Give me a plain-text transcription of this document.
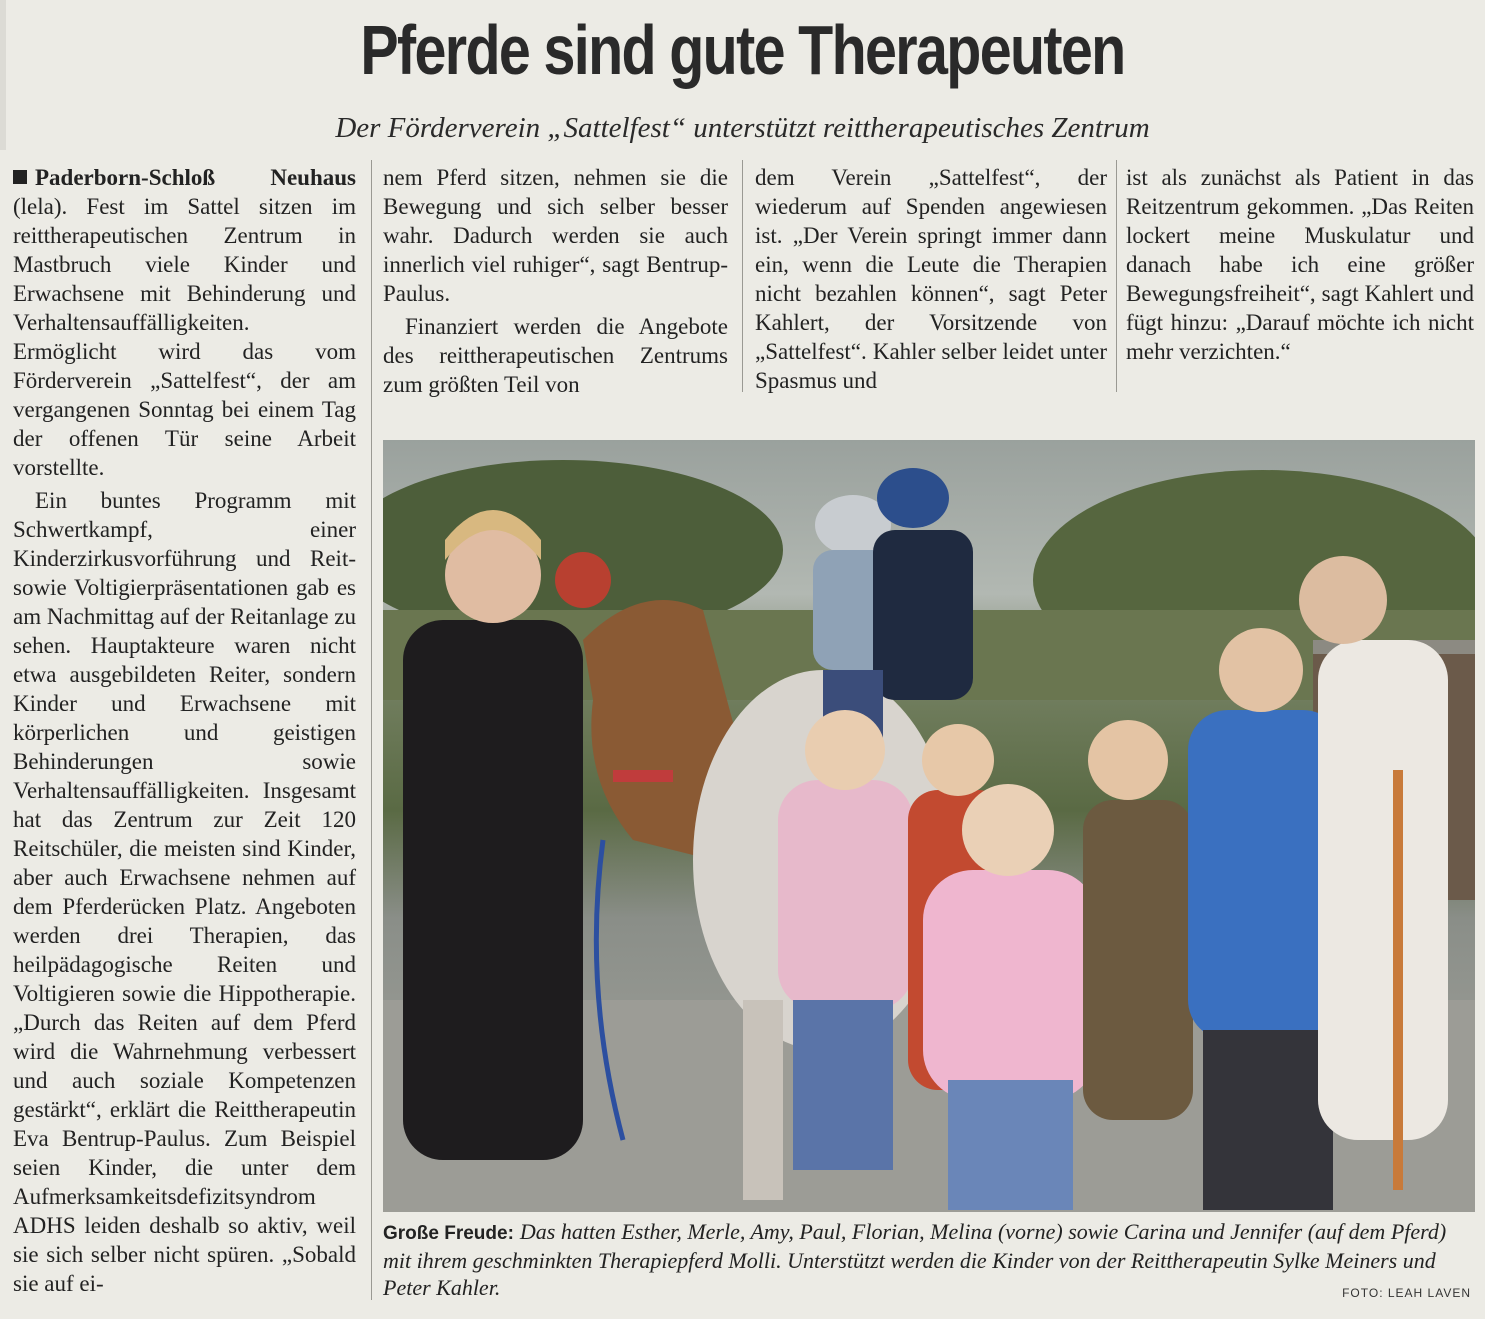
Pferde sind gute Therapeuten
Der Förderverein „Sattelfest“ unterstützt reittherapeutisches Zentrum

Paderborn-Schloß Neuhaus (lela). Fest im Sattel sitzen im reittherapeutischen Zentrum in Mastbruch viele Kinder und Erwachsene mit Behinderung und Verhaltensauffälligkeiten. Ermöglicht wird das vom Förderverein „Sattelfest“, der am vergangenen Sonntag bei einem Tag der offenen Tür seine Arbeit vorstellte.

Ein buntes Programm mit Schwertkampf, einer Kinderzirkusvorführung und Reit- sowie Voltigierpräsentationen gab es am Nachmittag auf der Reitanlage zu sehen. Hauptakteure waren nicht etwa ausgebildeten Reiter, sondern Kinder und Erwachsene mit körperlichen und geistigen Behinderungen sowie Verhaltensauffälligkeiten. Insgesamt hat das Zentrum zur Zeit 120 Reitschüler, die meisten sind Kinder, aber auch Erwachsene nehmen auf dem Pferderücken Platz. Angeboten werden drei Therapien, das heilpädagogische Reiten und Voltigieren sowie die Hippotherapie. „Durch das Reiten auf dem Pferd wird die Wahrnehmung verbessert und auch soziale Kompetenzen gestärkt“, erklärt die Reittherapeutin Eva Bentrup-Paulus. Zum Beispiel seien Kinder, die unter dem Aufmerksamkeitsdefizitsyndrom ADHS leiden deshalb so aktiv, weil sie sich selber nicht spüren. „Sobald sie auf ei-

nem Pferd sitzen, nehmen sie die Bewegung und sich selber besser wahr. Dadurch werden sie auch innerlich viel ruhiger“, sagt Bentrup-Paulus.

Finanziert werden die Angebote des reittherapeutischen Zentrums zum größten Teil von

dem Verein „Sattelfest“, der wiederum auf Spenden angewiesen ist. „Der Verein springt immer dann ein, wenn die Leute die Therapien nicht bezahlen können“, sagt Peter Kahlert, der Vorsitzende von „Sattelfest“. Kahler selber leidet unter Spasmus und

ist als zunächst als Patient in das Reitzentrum gekommen. „Das Reiten lockert meine Muskulatur und danach habe ich eine größer Bewegungsfreiheit“, sagt Kahlert und fügt hinzu: „Darauf möchte ich nicht mehr verzichten.“

Große Freude: Das hatten Esther, Merle, Amy, Paul, Florian, Melina (vorne) sowie Carina und Jennifer (auf dem Pferd) mit ihrem geschminkten Therapiepferd Molli. Unterstützt werden die Kinder von der Reittherapeutin Sylke Meiners und Peter Kahler.	FOTO: LEAH LAVEN
